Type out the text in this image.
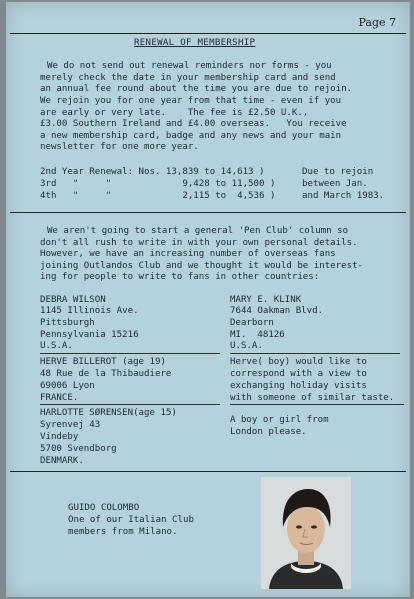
Page 7
RENEWAL OF MEMBERSHIP
We do not send out renewal reminders nor forms - you
merely check the date in your membership card and send
an annual fee round about the time you are due to rejoin.
We rejoin you for one year from that time - even if you
are early or very late.    The fee is £2.50 U.K.,
£3.00 Southern Ireland and £4.00 overseas.   You receive
a new membership card, badge and any news and your main
newsletter for one more year.
2nd Year Renewal: Nos. 13,839 to 14,613 )
3rd   "     "             9,428 to 11,500 )
4th   "     "             2,115 to  4,536 )
Due to rejoin
between Jan.
and March 1983.
We aren't going to start a general 'Pen Club' column so
don't all rush to write in with your own personal details.
However, we have an increasing number of overseas fans
joining Outlandos Club and we thought it would be interest-
ing for people to write to fans in other countries:
DEBRA WILSON
1145 Illinois Ave.
Pittsburgh
Pennsylvania 15216
U.S.A.
MARY E. KLINK
7644 Oakman Blvd.
Dearborn
MI.  48126
U.S.A.
HERVE BILLEROT (age 19)
48 Rue de la Thibaudiere
69006 Lyon
FRANCE.
Herve( boy) would like to
correspond with a view to
exchanging holiday visits
with someone of similar taste.
HARLOTTE SØRENSEN(age 15)
Syrenvej 43
Vindeby
5700 Svendborg
DENMARK.
A boy or girl from
London please.
GUIDO COLOMBO
One of our Italian Club
members from Milano.
